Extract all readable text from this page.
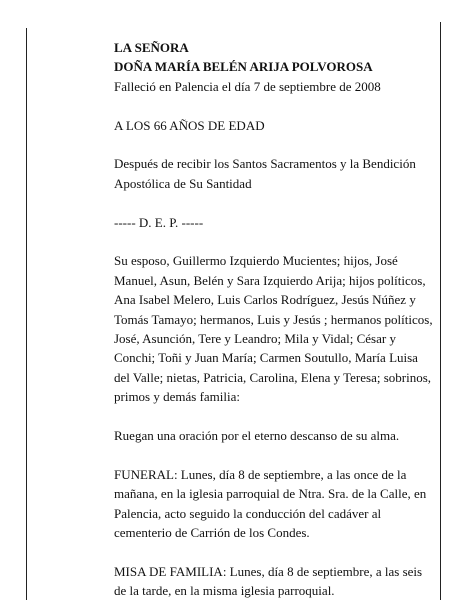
LA SEÑORA

DOÑA MARÍA BELÉN ARIJA POLVOROSA

Falleció en Palencia el día 7 de septiembre de 2008

A LOS 66 AÑOS DE EDAD

Después de recibir los Santos Sacramentos y la Bendición Apostólica de Su Santidad

----- D. E. P. -----

Su esposo, Guillermo Izquierdo Mucientes; hijos, José Manuel, Asun, Belén y Sara Izquierdo Arija; hijos políticos, Ana Isabel Melero, Luis Carlos Rodríguez, Jesús Núñez y Tomás Tamayo; hermanos, Luis y Jesús ; hermanos políticos, José, Asunción, Tere y Leandro; Mila y Vidal; César y Conchi; Toñi y Juan María; Carmen Soutullo, María Luisa del Valle; nietas, Patricia, Carolina, Elena y Teresa; sobrinos, primos y demás familia:

Ruegan una oración por el eterno descanso de su alma.

FUNERAL: Lunes, día 8 de septiembre, a las once de la mañana, en la iglesia parroquial de Ntra. Sra. de la Calle, en Palencia, acto seguido la conducción del cadáver al cementerio de Carrión de los Condes.

MISA DE FAMILIA: Lunes, día 8 de septiembre, a las seis de la tarde, en la misma iglesia parroquial.
